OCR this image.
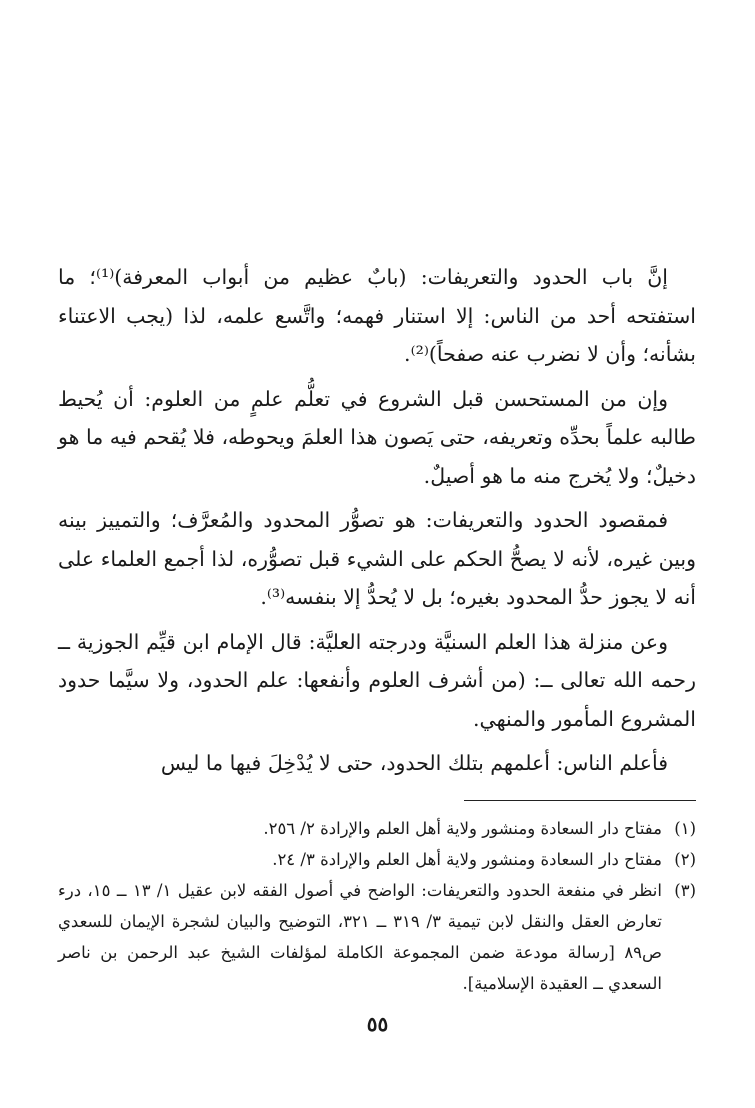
إنَّ باب الحدود والتعريفات: (بابٌ عظيم من أبواب المعرفة)⁽¹⁾؛ ما استفتحه أحد من الناس: إلا استنار فهمه؛ واتَّسع علمه، لذا (يجب الاعتناء بشأنه؛ وأن لا نضرب عنه صفحاً)⁽²⁾.

وإن من المستحسن قبل الشروع في تعلُّم علمٍ من العلوم: أن يُحيط طالبه علماً بحدِّه وتعريفه، حتى يَصون هذا العلمَ ويحوطه، فلا يُقحم فيه ما هو دخيلٌ؛ ولا يُخرج منه ما هو أصيلٌ.

فمقصود الحدود والتعريفات: هو تصوُّر المحدود والمُعرَّف؛ والتمييز بينه وبين غيره، لأنه لا يصحُّ الحكم على الشيء قبل تصوُّره، لذا أجمع العلماء على أنه لا يجوز حدُّ المحدود بغيره؛ بل لا يُحدُّ إلا بنفسه⁽³⁾.

وعن منزلة هذا العلم السنيَّة ودرجته العليَّة: قال الإمام ابن قيِّم الجوزية ــ رحمه الله تعالى ــ: (من أشرف العلوم وأنفعها: علم الحدود، ولا سيَّما حدود المشروع المأمور والمنهي.

فأعلم الناس: أعلمهم بتلك الحدود، حتى لا يُدْخِلَ فيها ما ليس

(١)
مفتاح دار السعادة ومنشور ولاية أهل العلم والإرادة ٢/ ٢٥٦.
(٢)
مفتاح دار السعادة ومنشور ولاية أهل العلم والإرادة ٣/ ٢٤.
(٣)
انظر في منفعة الحدود والتعريفات: الواضح في أصول الفقه لابن عقيل ١/ ١٣ ــ ١٥، درء تعارض العقل والنقل لابن تيمية ٣/ ٣١٩ ــ ٣٢١، التوضيح والبيان لشجرة الإيمان للسعدي ص٨٩ [رسالة مودعة ضمن المجموعة الكاملة لمؤلفات الشيخ عبد الرحمن بن ناصر السعدي ــ العقيدة الإسلامية].
٥٥
